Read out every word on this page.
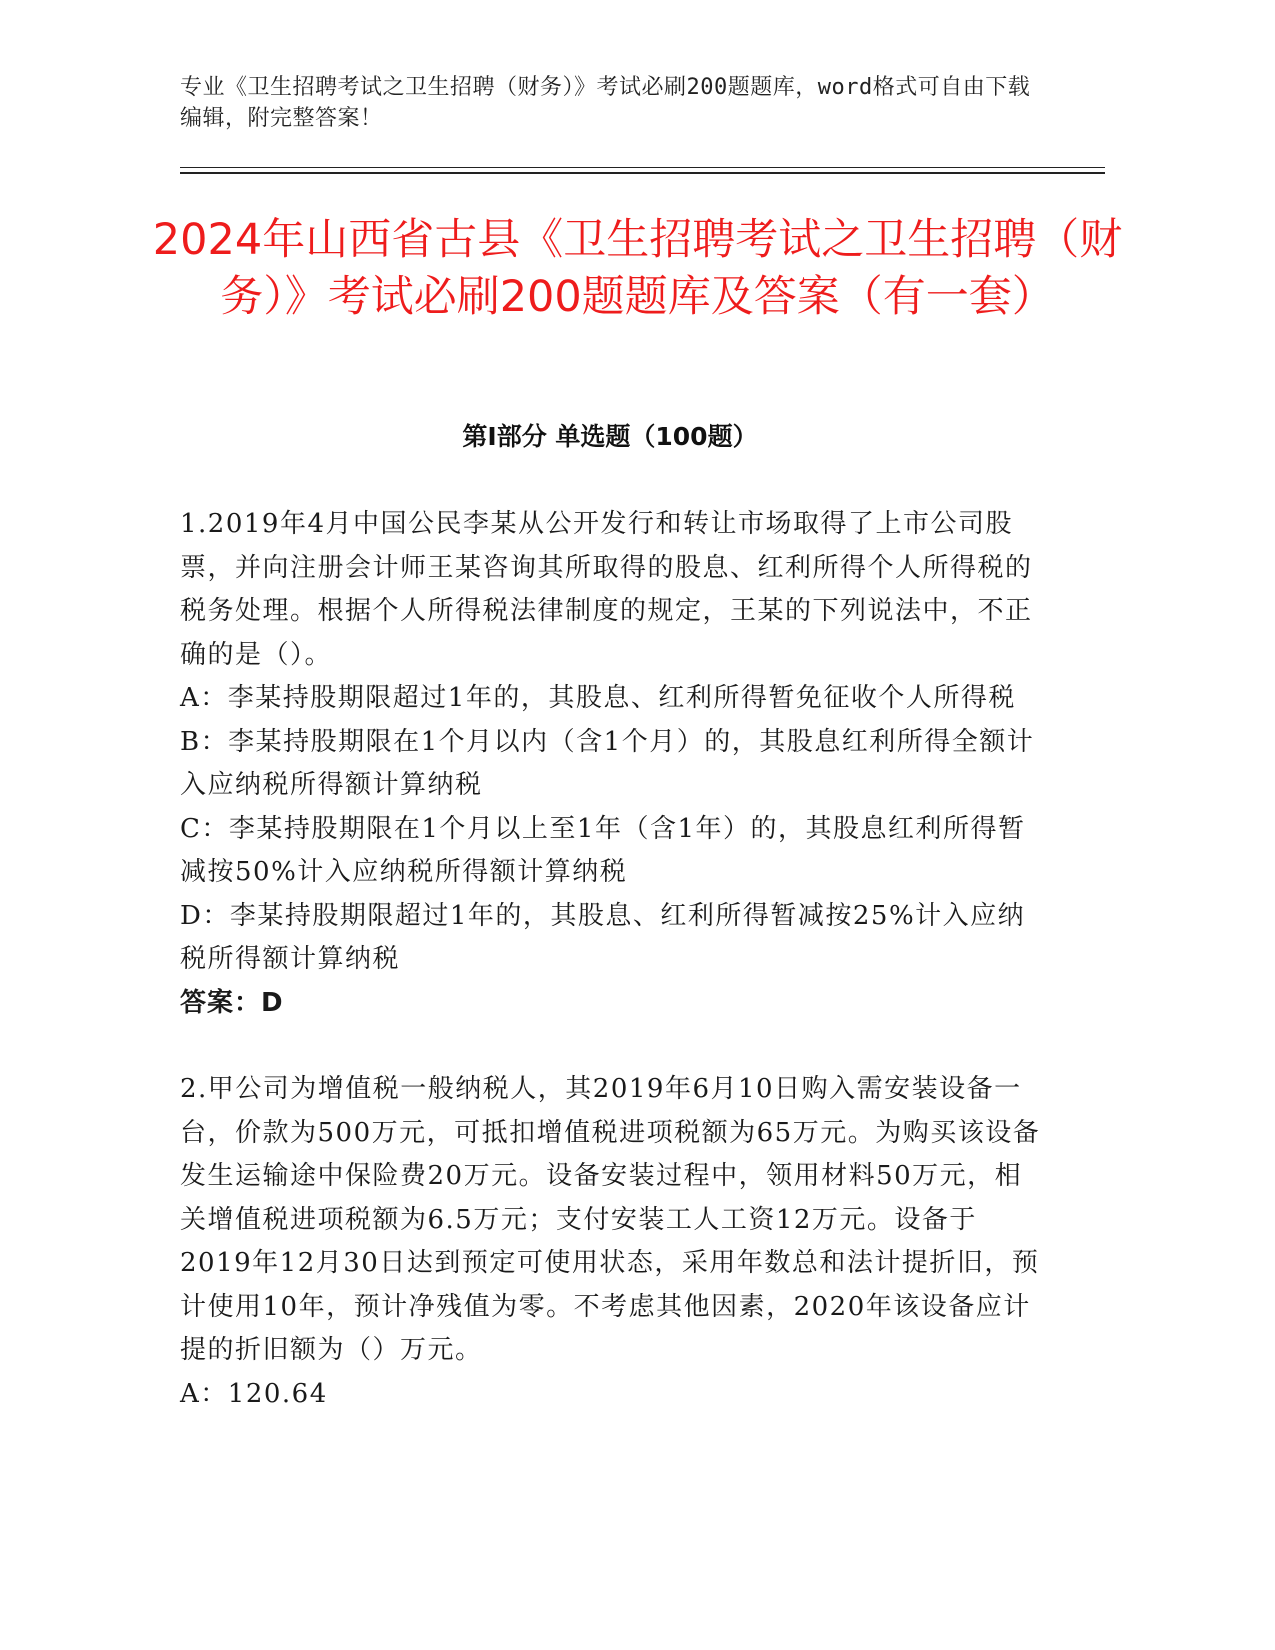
专业《卫生招聘考试之卫生招聘（财务）》考试必刷200题题库，word格式可自由下载编辑，附完整答案！
2024年山西省古县《卫生招聘考试之卫生招聘（财务）》考试必刷200题题库及答案（有一套）
第I部分 单选题（100题）
1.2019年4月中国公民李某从公开发行和转让市场取得了上市公司股票，并向注册会计师王某咨询其所取得的股息、红利所得个人所得税的税务处理。根据个人所得税法律制度的规定，王某的下列说法中，不正确的是（）。
A：李某持股期限超过1年的，其股息、红利所得暂免征收个人所得税
B：李某持股期限在1个月以内（含1个月）的，其股息红利所得全额计入应纳税所得额计算纳税
C：李某持股期限在1个月以上至1年（含1年）的，其股息红利所得暂减按50%计入应纳税所得额计算纳税
D：李某持股期限超过1年的，其股息、红利所得暂减按25%计入应纳税所得额计算纳税
答案：D
2.甲公司为增值税一般纳税人，其2019年6月10日购入需安装设备一台，价款为500万元，可抵扣增值税进项税额为65万元。为购买该设备发生运输途中保险费20万元。设备安装过程中，领用材料50万元，相关增值税进项税额为6.5万元；支付安装工人工资12万元。设备于2019年12月30日达到预定可使用状态，采用年数总和法计提折旧，预计使用10年，预计净残值为零。不考虑其他因素，2020年该设备应计提的折旧额为（）万元。
A：120.64
